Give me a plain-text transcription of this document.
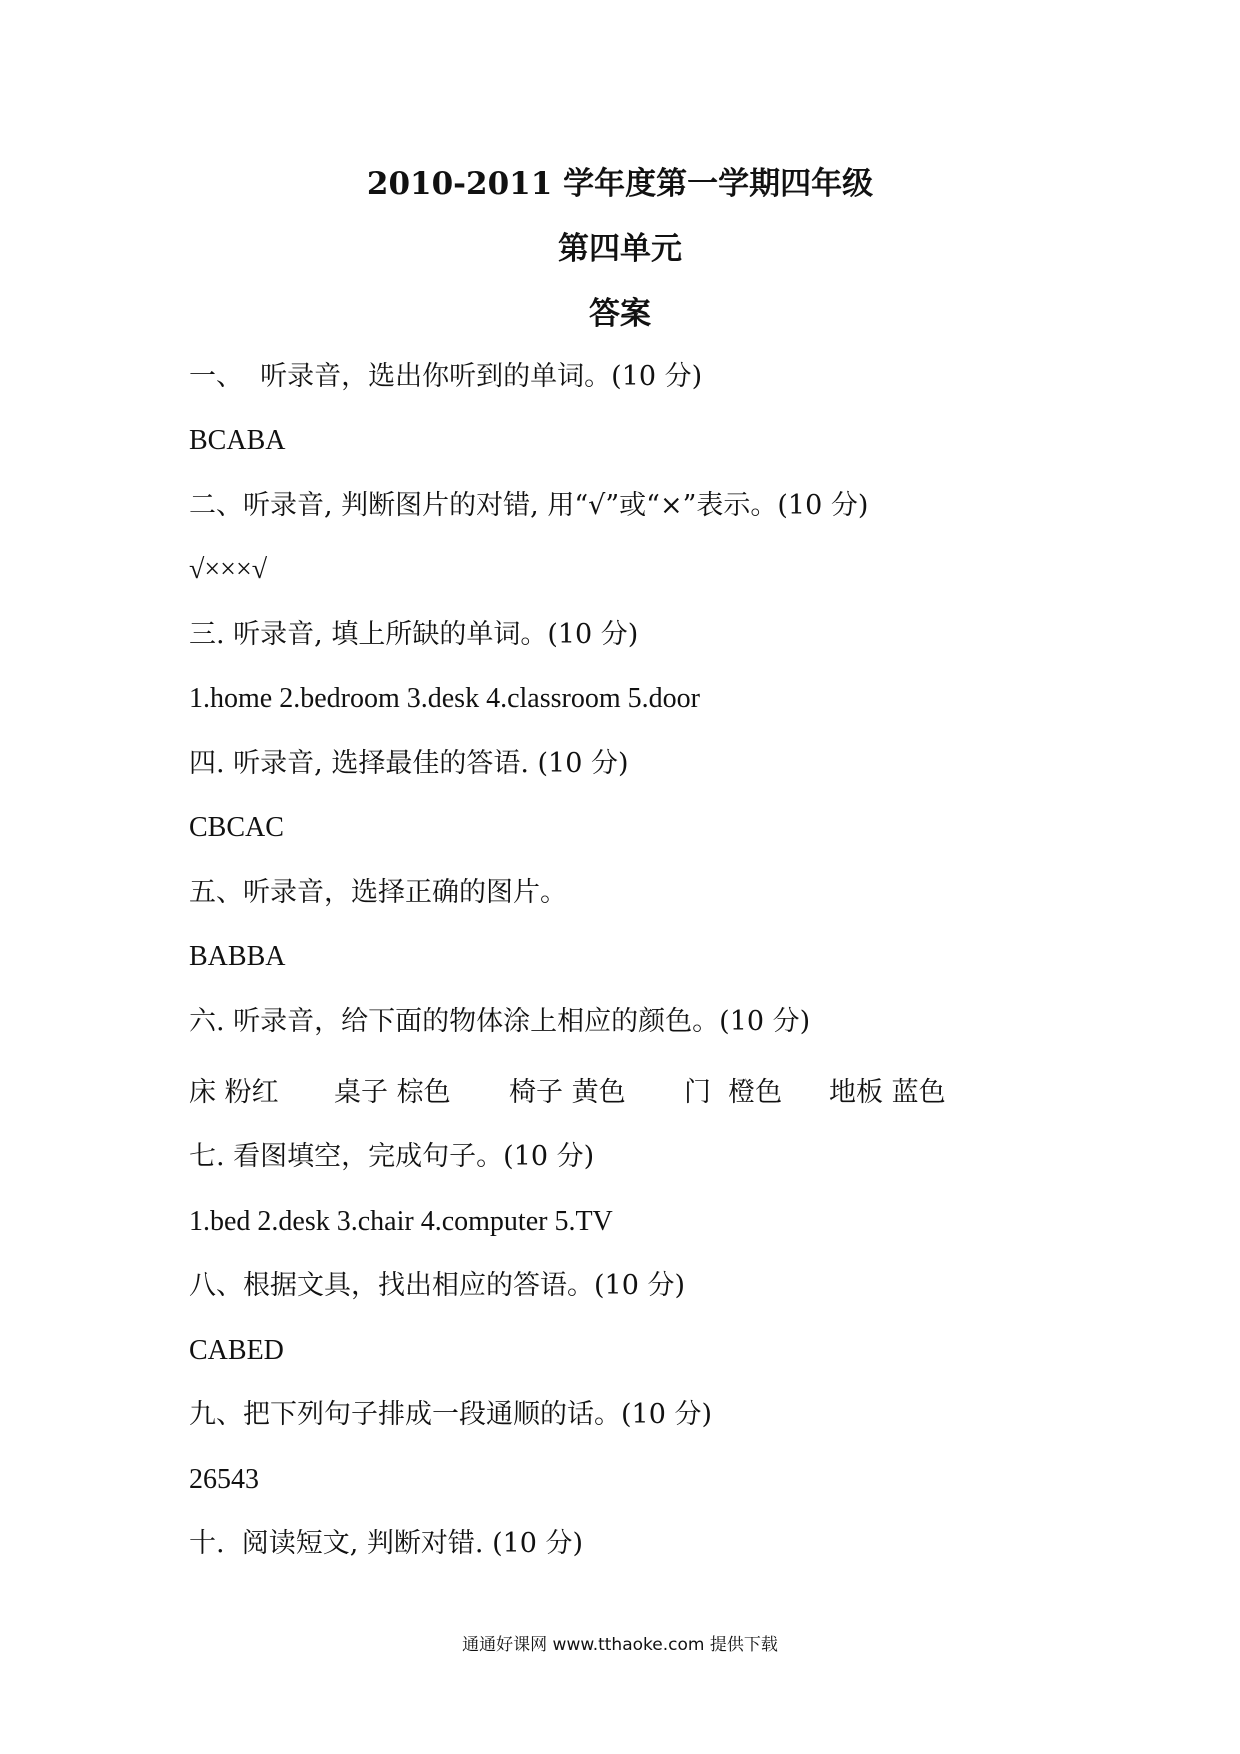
2010-2011 学年度第一学期四年级
第四单元
答案

一、  听录音，选出你听到的单词。(10 分)

BCABA

二、听录音, 判断图片的对错, 用“√”或“×”表示。(10 分)

√×××√

三. 听录音, 填上所缺的单词。(10 分)

1.home 2.bedroom 3.desk 4.classroom 5.door

四. 听录音, 选择最佳的答语. (10 分)

CBCAC

五、听录音，选择正确的图片。

BABBA

六. 听录音，给下面的物体涂上相应的颜色。(10 分)

床 粉红 桌子 棕色 椅子 黄色 门  橙色 地板 蓝色

七. 看图填空，完成句子。(10 分)

1.bed 2.desk 3.chair 4.computer 5.TV

八、根据文具，找出相应的答语。(10 分)

CABED

九、把下列句子排成一段通顺的话。(10 分)

26543

十.  阅读短文, 判断对错. (10 分)

通通好课网 www.tthaoke.com 提供下载
